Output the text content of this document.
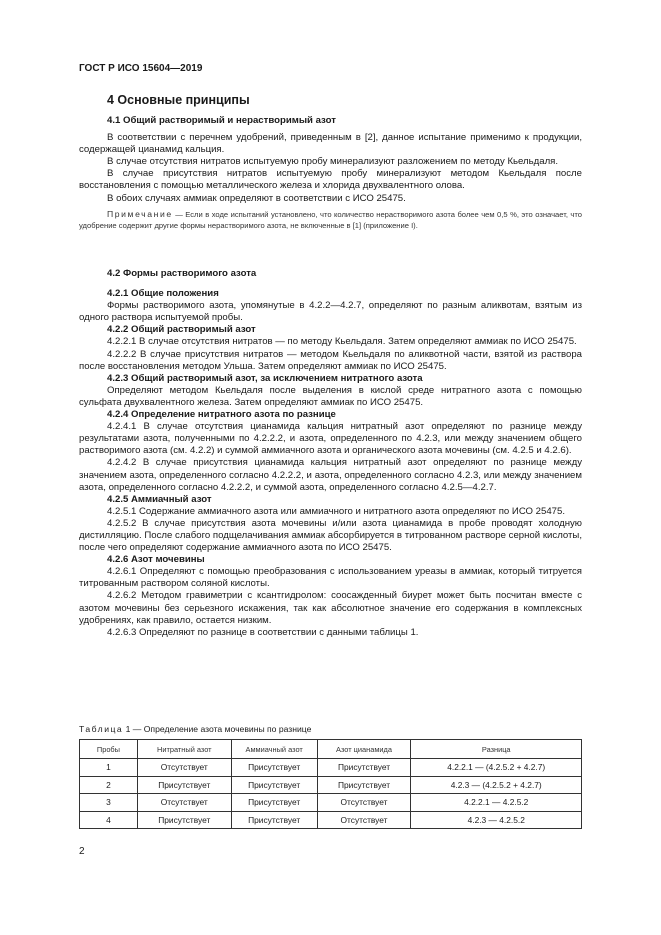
ГОСТ Р ИСО 15604—2019
4 Основные принципы

4.1 Общий растворимый и нерастворимый азот

В соответствии с перечнем удобрений, приведенным в [2], данное испытание применимо к продукции, содержащей цианамид кальция.

В случае отсутствия нитратов испытуемую пробу минерализуют разложением по методу Кьельдаля.

В случае присутствия нитратов испытуемую пробу минерализуют методом Кьельдаля после восстановления с помощью металлического железа и хлорида двухвалентного олова.

В обоих случаях аммиак определяют в соответствии с ИСО 25475.

Примечание — Если в ходе испытаний установлено, что количество нерастворимого азота более чем 0,5 %, это означает, что удобрение содержит другие формы нерастворимого азота, не включенные в [1] (приложение I).

4.2 Формы растворимого азота

4.2.1 Общие положения

Формы растворимого азота, упомянутые в 4.2.2—4.2.7, определяют по разным аликвотам, взятым из одного раствора испытуемой пробы.

4.2.2 Общий растворимый азот

4.2.2.1 В случае отсутствия нитратов — по методу Кьельдаля. Затем определяют аммиак по ИСО 25475.

4.2.2.2 В случае присутствия нитратов — методом Кьельдаля по аликвотной части, взятой из раствора после восстановления методом Ульша. Затем определяют аммиак по ИСО 25475.

4.2.3 Общий растворимый азот, за исключением нитратного азота

Определяют методом Кьельдаля после выделения в кислой среде нитратного азота с помощью сульфата двухвалентного железа. Затем определяют аммиак по ИСО 25475.

4.2.4 Определение нитратного азота по разнице

4.2.4.1 В случае отсутствия цианамида кальция нитратный азот определяют по разнице между результатами азота, полученными по 4.2.2.2, и азота, определенного по 4.2.3, или между значением общего растворимого азота (см. 4.2.2) и суммой аммиачного азота и органического азота мочевины (см. 4.2.5 и 4.2.6).

4.2.4.2 В случае присутствия цианамида кальция нитратный азот определяют по разнице между значением азота, определенного согласно 4.2.2.2, и азота, определенного согласно 4.2.3, или между значением азота, определенного согласно 4.2.2.2, и суммой азота, определенного согласно 4.2.5—4.2.7.

4.2.5 Аммиачный азот

4.2.5.1 Содержание аммиачного азота или аммиачного и нитратного азота определяют по ИСО 25475.

4.2.5.2 В случае присутствия азота мочевины и/или азота цианамида в пробе проводят холодную дистилляцию. После слабого подщелачивания аммиак абсорбируется в титрованном растворе серной кислоты, после чего определяют содержание аммиачного азота по ИСО 25475.

4.2.6 Азот мочевины

4.2.6.1 Определяют с помощью преобразования с использованием уреазы в аммиак, который титруется титрованным раствором соляной кислоты.

4.2.6.2 Методом гравиметрии с ксантгидролом: соосажденный биурет может быть посчитан вместе с азотом мочевины без серьезного искажения, так как абсолютное значение его содержания в комплексных удобрениях, как правило, остается низким.

4.2.6.3 Определяют по разнице в соответствии с данными таблицы 1.

Таблица 1 — Определение азота мочевины по разнице
Пробы	Нитратный азот	Аммиачный азот	Азот цианамида	Разница
1	Отсутствует	Присутствует	Присутствует	4.2.2.1 — (4.2.5.2 + 4.2.7)
2	Присутствует	Присутствует	Присутствует	4.2.3 — (4.2.5.2 + 4.2.7)
3	Отсутствует	Присутствует	Отсутствует	4.2.2.1 — 4.2.5.2
4	Присутствует	Присутствует	Отсутствует	4.2.3 — 4.2.5.2
2
